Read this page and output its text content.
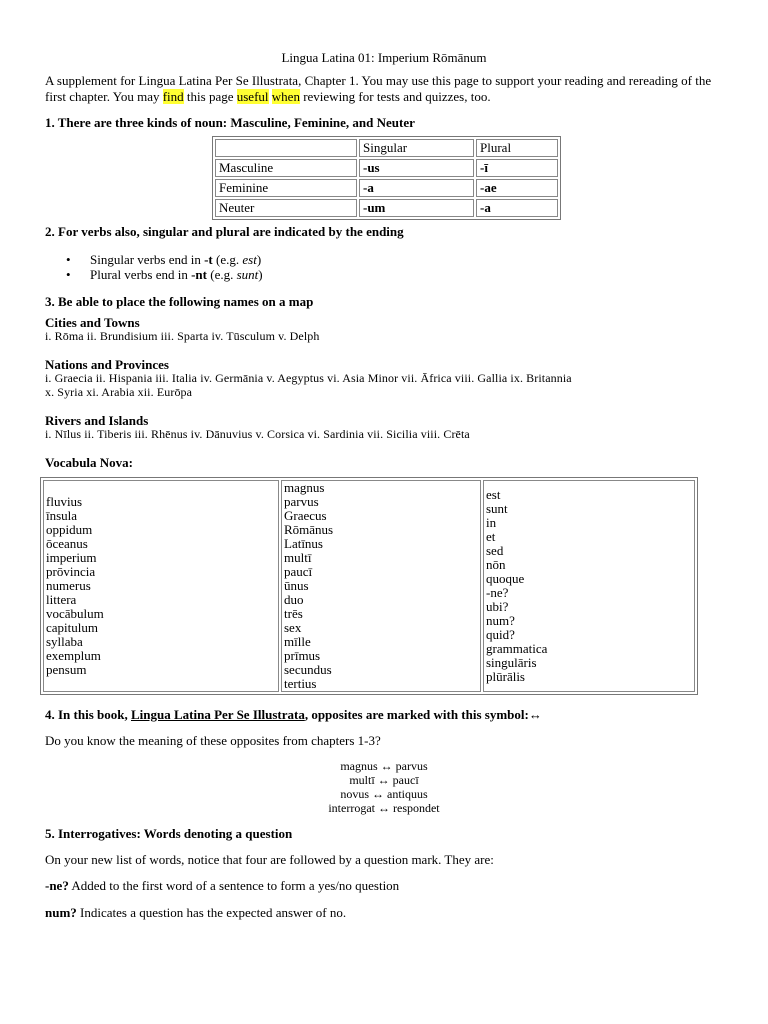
Lingua Latina 01: Imperium Rōmānum
A supplement for Lingua Latina Per Se Illustrata, Chapter 1. You may use this page to support your reading and rereading of the first chapter. You may find this page useful when reviewing for tests and quizzes, too.
1. There are three kinds of noun: Masculine, Feminine, and Neuter
	Singular	Plural
Masculine	-us	-ī
Feminine	-a	-ae
Neuter	-um	-a
2. For verbs also, singular and plural are indicated by the ending
• Singular verbs end in -t (e.g. est)
• Plural verbs end in -nt (e.g. sunt)
3. Be able to place the following names on a map
Cities and Towns
i. Rōma ii. Brundisium iii. Sparta iv. Tūsculum v. Delph
Nations and Provinces
i. Graecia ii. Hispania iii. Italia iv. Germānia v. Aegyptus vi. Asia Minor vii. Āfrica viii. Gallia ix. Britannia
x. Syria xi. Arabia xii. Eurōpa
Rivers and Islands
i. Nīlus ii. Tiberis iii. Rhēnus iv. Dānuvius v. Corsica vi. Sardinia vii. Sicilia viii. Crēta
Vocabula Nova:
fluvius
īnsula
oppidum
ōceanus
imperium
prōvincia
numerus
littera
vocābulum
capitulum
syllaba
exemplum
pensum

magnus
parvus
Graecus
Rōmānus
Latīnus
multī
paucī
ūnus
duo
trēs
sex
mīlle
prīmus
secundus
tertius

est
sunt
in
et
sed
nōn
quoque
-ne?
ubi?
num?
quid?
grammatica
singulāris
plūrālis
4. In this book, Lingua Latina Per Se Illustrata, opposites are marked with this symbol:↔
Do you know the meaning of these opposites from chapters 1-3?
magnus ↔ parvus
multī ↔ paucī
novus ↔ antiquus
interrogat ↔ respondet
5. Interrogatives: Words denoting a question
On your new list of words, notice that four are followed by a question mark. They are:
-ne? Added to the first word of a sentence to form a yes/no question
num? Indicates a question has the expected answer of no.
